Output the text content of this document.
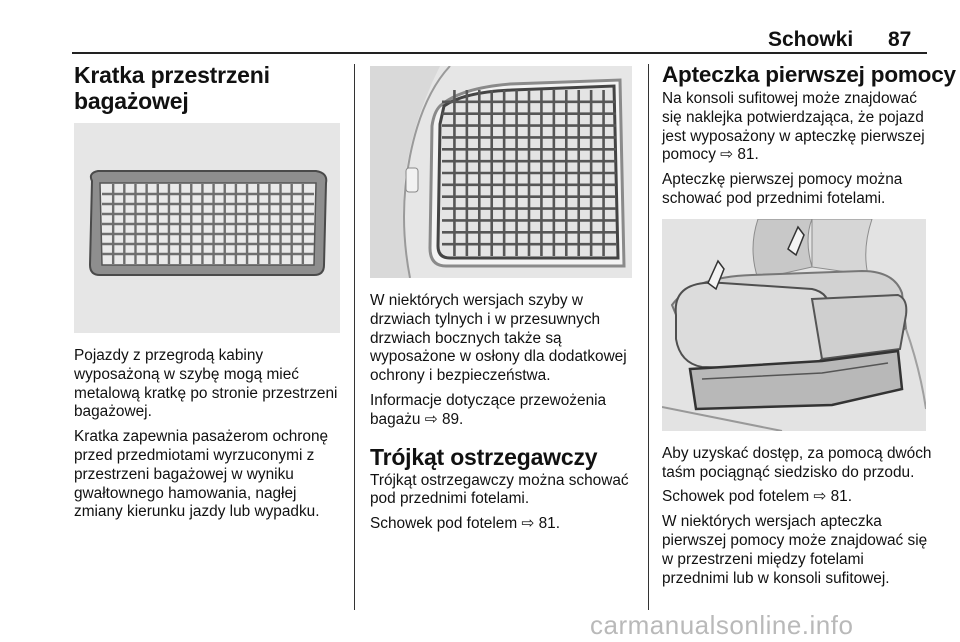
Schowki 87
Kratka przestrzeni bagażowej

Pojazdy z przegrodą kabiny wyposażoną w szybę mogą mieć metalową kratkę po stronie przestrzeni bagażowej.

Kratka zapewnia pasażerom ochronę przed przedmiotami wyrzuconymi z przestrzeni bagażowej w wyniku gwałtownego hamowania, nagłej zmiany kierunku jazdy lub wypadku.

W niektórych wersjach szyby w drzwiach tylnych i w przesuwnych drzwiach bocznych także są wyposażone w osłony dla dodatkowej ochrony i bezpieczeństwa.

Informacje dotyczące przewożenia bagażu ⇨ 89.

Trójkąt ostrzegawczy

Trójkąt ostrzegawczy można schować pod przednimi fotelami.

Schowek pod fotelem ⇨ 81.

Apteczka pierwszej pomocy

Na konsoli sufitowej może znajdować się naklejka potwierdzająca, że pojazd jest wyposażony w apteczkę pierwszej pomocy ⇨ 81.

Apteczkę pierwszej pomocy można schować pod przednimi fotelami.

Aby uzyskać dostęp, za pomocą dwóch taśm pociągnąć siedzisko do przodu.

Schowek pod fotelem ⇨ 81.

W niektórych wersjach apteczka pierwszej pomocy może znajdować się w przestrzeni między fotelami przednimi lub w konsoli sufitowej.

carmanualsonline.info
